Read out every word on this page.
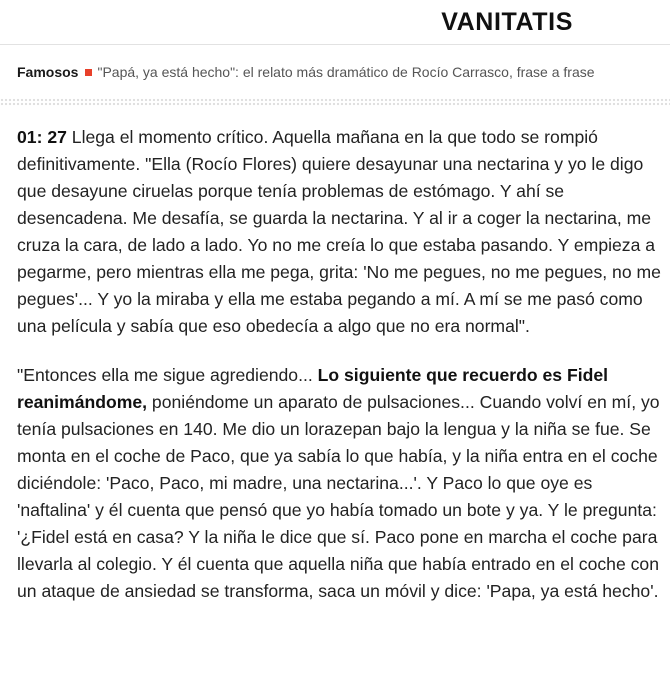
VANITATIS
Famosos "Papá, ya está hecho": el relato más dramático de Rocío Carrasco, frase a frase

01: 27 Llega el momento crítico. Aquella mañana en la que todo se rompió definitivamente. "Ella (Rocío Flores) quiere desayunar una nectarina y yo le digo que desayune ciruelas porque tenía problemas de estómago. Y ahí se desencadena. Me desafía, se guarda la nectarina. Y al ir a coger la nectarina, me cruza la cara, de lado a lado. Yo no me creía lo que estaba pasando. Y empieza a pegarme, pero mientras ella me pega, grita: 'No me pegues, no me pegues, no me pegues'... Y yo la miraba y ella me estaba pegando a mí. A mí se me pasó como una película y sabía que eso obedecía a algo que no era normal".

"Entonces ella me sigue agrediendo... Lo siguiente que recuerdo es Fidel reanimándome, poniéndome un aparato de pulsaciones... Cuando volví en mí, yo tenía pulsaciones en 140. Me dio un lorazepan bajo la lengua y la niña se fue. Se monta en el coche de Paco, que ya sabía lo que había, y la niña entra en el coche diciéndole: 'Paco, Paco, mi madre, una nectarina...'. Y Paco lo que oye es 'naftalina' y él cuenta que pensó que yo había tomado un bote y ya. Y le pregunta: '¿Fidel está en casa? Y la niña le dice que sí. Paco pone en marcha el coche para llevarla al colegio. Y él cuenta que aquella niña que había entrado en el coche con un ataque de ansiedad se transforma, saca un móvil y dice: 'Papa, ya está hecho'.
